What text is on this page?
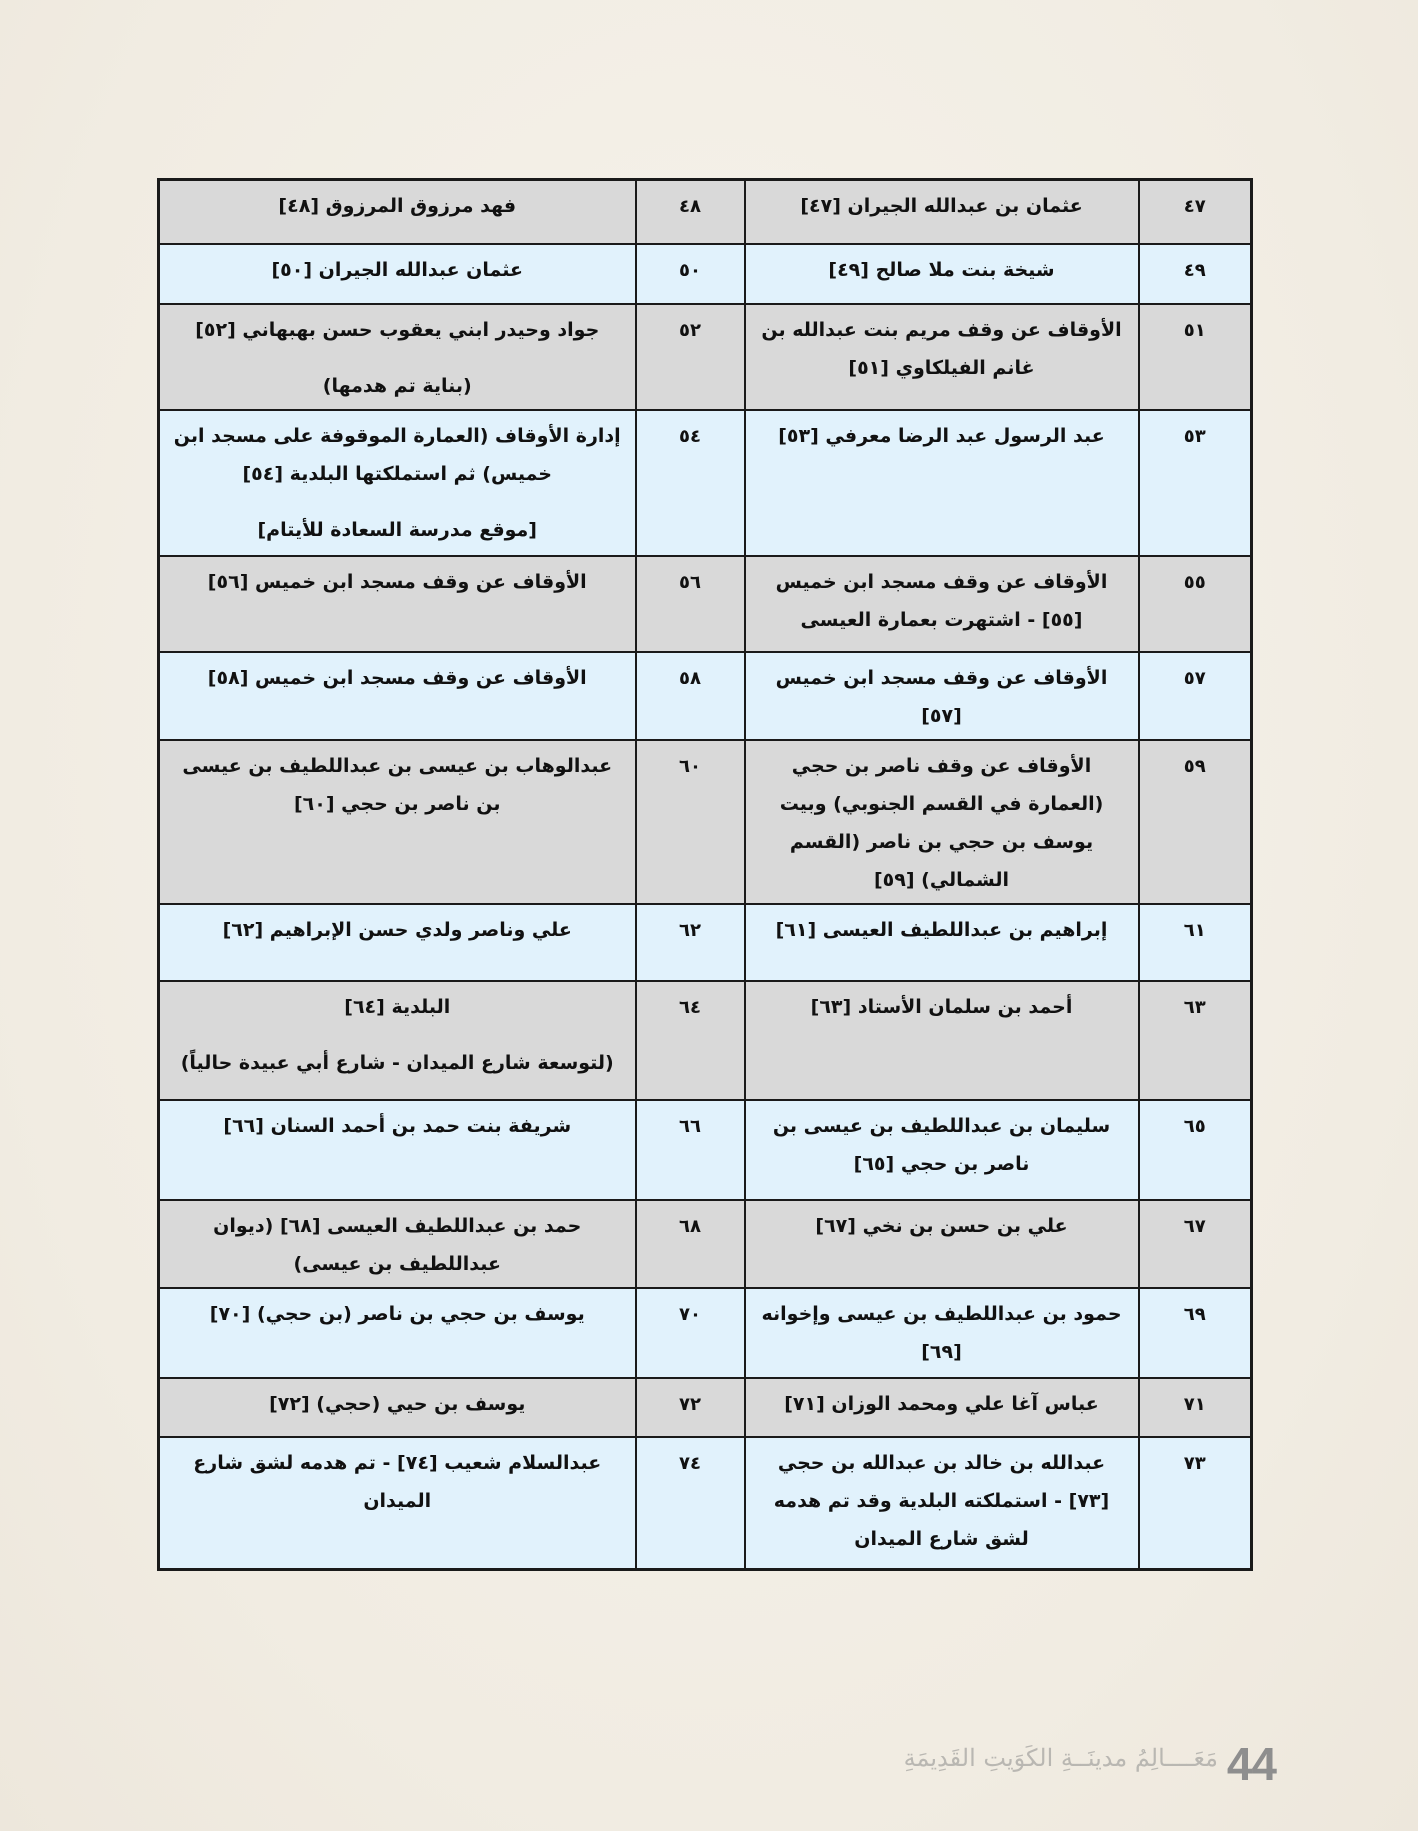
٤٧	عثمان بن عبدالله الجيران [٤٧]	٤٨	فهد مرزوق المرزوق [٤٨]

٤٩	شيخة بنت ملا صالح [٤٩]	٥٠	عثمان عبدالله الجيران [٥٠]

٥١	الأوقاف عن وقف مريم بنت عبدالله بن غانم الفيلكاوي [٥١]	٥٢	جواد وحيدر ابني يعقوب حسن بهبهاني [٥٢]
(بناية تم هدمها)

٥٣	عبد الرسول عبد الرضا معرفي [٥٣]	٥٤	إدارة الأوقاف (العمارة الموقوفة على مسجد ابن خميس) ثم استملكتها البلدية [٥٤]
[موقع مدرسة السعادة للأيتام]

٥٥	الأوقاف عن وقف مسجد ابن خميس [٥٥] - اشتهرت بعمارة العيسى	٥٦	الأوقاف عن وقف مسجد ابن خميس [٥٦]

٥٧	الأوقاف عن وقف مسجد ابن خميس [٥٧]	٥٨	الأوقاف عن وقف مسجد ابن خميس [٥٨]

٥٩	الأوقاف عن وقف ناصر بن حجي (العمارة في القسم الجنوبي) وبيت يوسف بن حجي بن ناصر (القسم الشمالي) [٥٩]	٦٠	عبدالوهاب بن عيسى بن عبداللطيف بن عيسى بن ناصر بن حجي [٦٠]

٦١	إبراهيم بن عبداللطيف العيسى [٦١]	٦٢	علي وناصر ولدي حسن الإبراهيم [٦٢]

٦٣	أحمد بن سلمان الأستاد [٦٣]	٦٤	البلدية [٦٤]
(لتوسعة شارع الميدان - شارع أبي عبيدة حالياً)

٦٥	سليمان بن عبداللطيف بن عيسى بن ناصر بن حجي [٦٥]	٦٦	شريفة بنت حمد بن أحمد السنان [٦٦]

٦٧	علي بن حسن بن نخي [٦٧]	٦٨	حمد بن عبداللطيف العيسى [٦٨] (ديوان عبداللطيف بن عيسى)

٦٩	حمود بن عبداللطيف بن عيسى وإخوانه [٦٩]	٧٠	يوسف بن حجي بن ناصر (بن حجي) [٧٠]

٧١	عباس آغا علي ومحمد الوزان [٧١]	٧٢	يوسف بن حيي (حجي) [٧٢]

٧٣	عبدالله بن خالد بن عبدالله بن حجي [٧٣] - استملكته البلدية وقد تم هدمه لشق شارع الميدان	٧٤	عبدالسلام شعيب [٧٤] - تم هدمه لشق شارع الميدان
مَعَــــالِمُ مدينَــةِ الكَوَيتِ القَدِيمَةِ 44
